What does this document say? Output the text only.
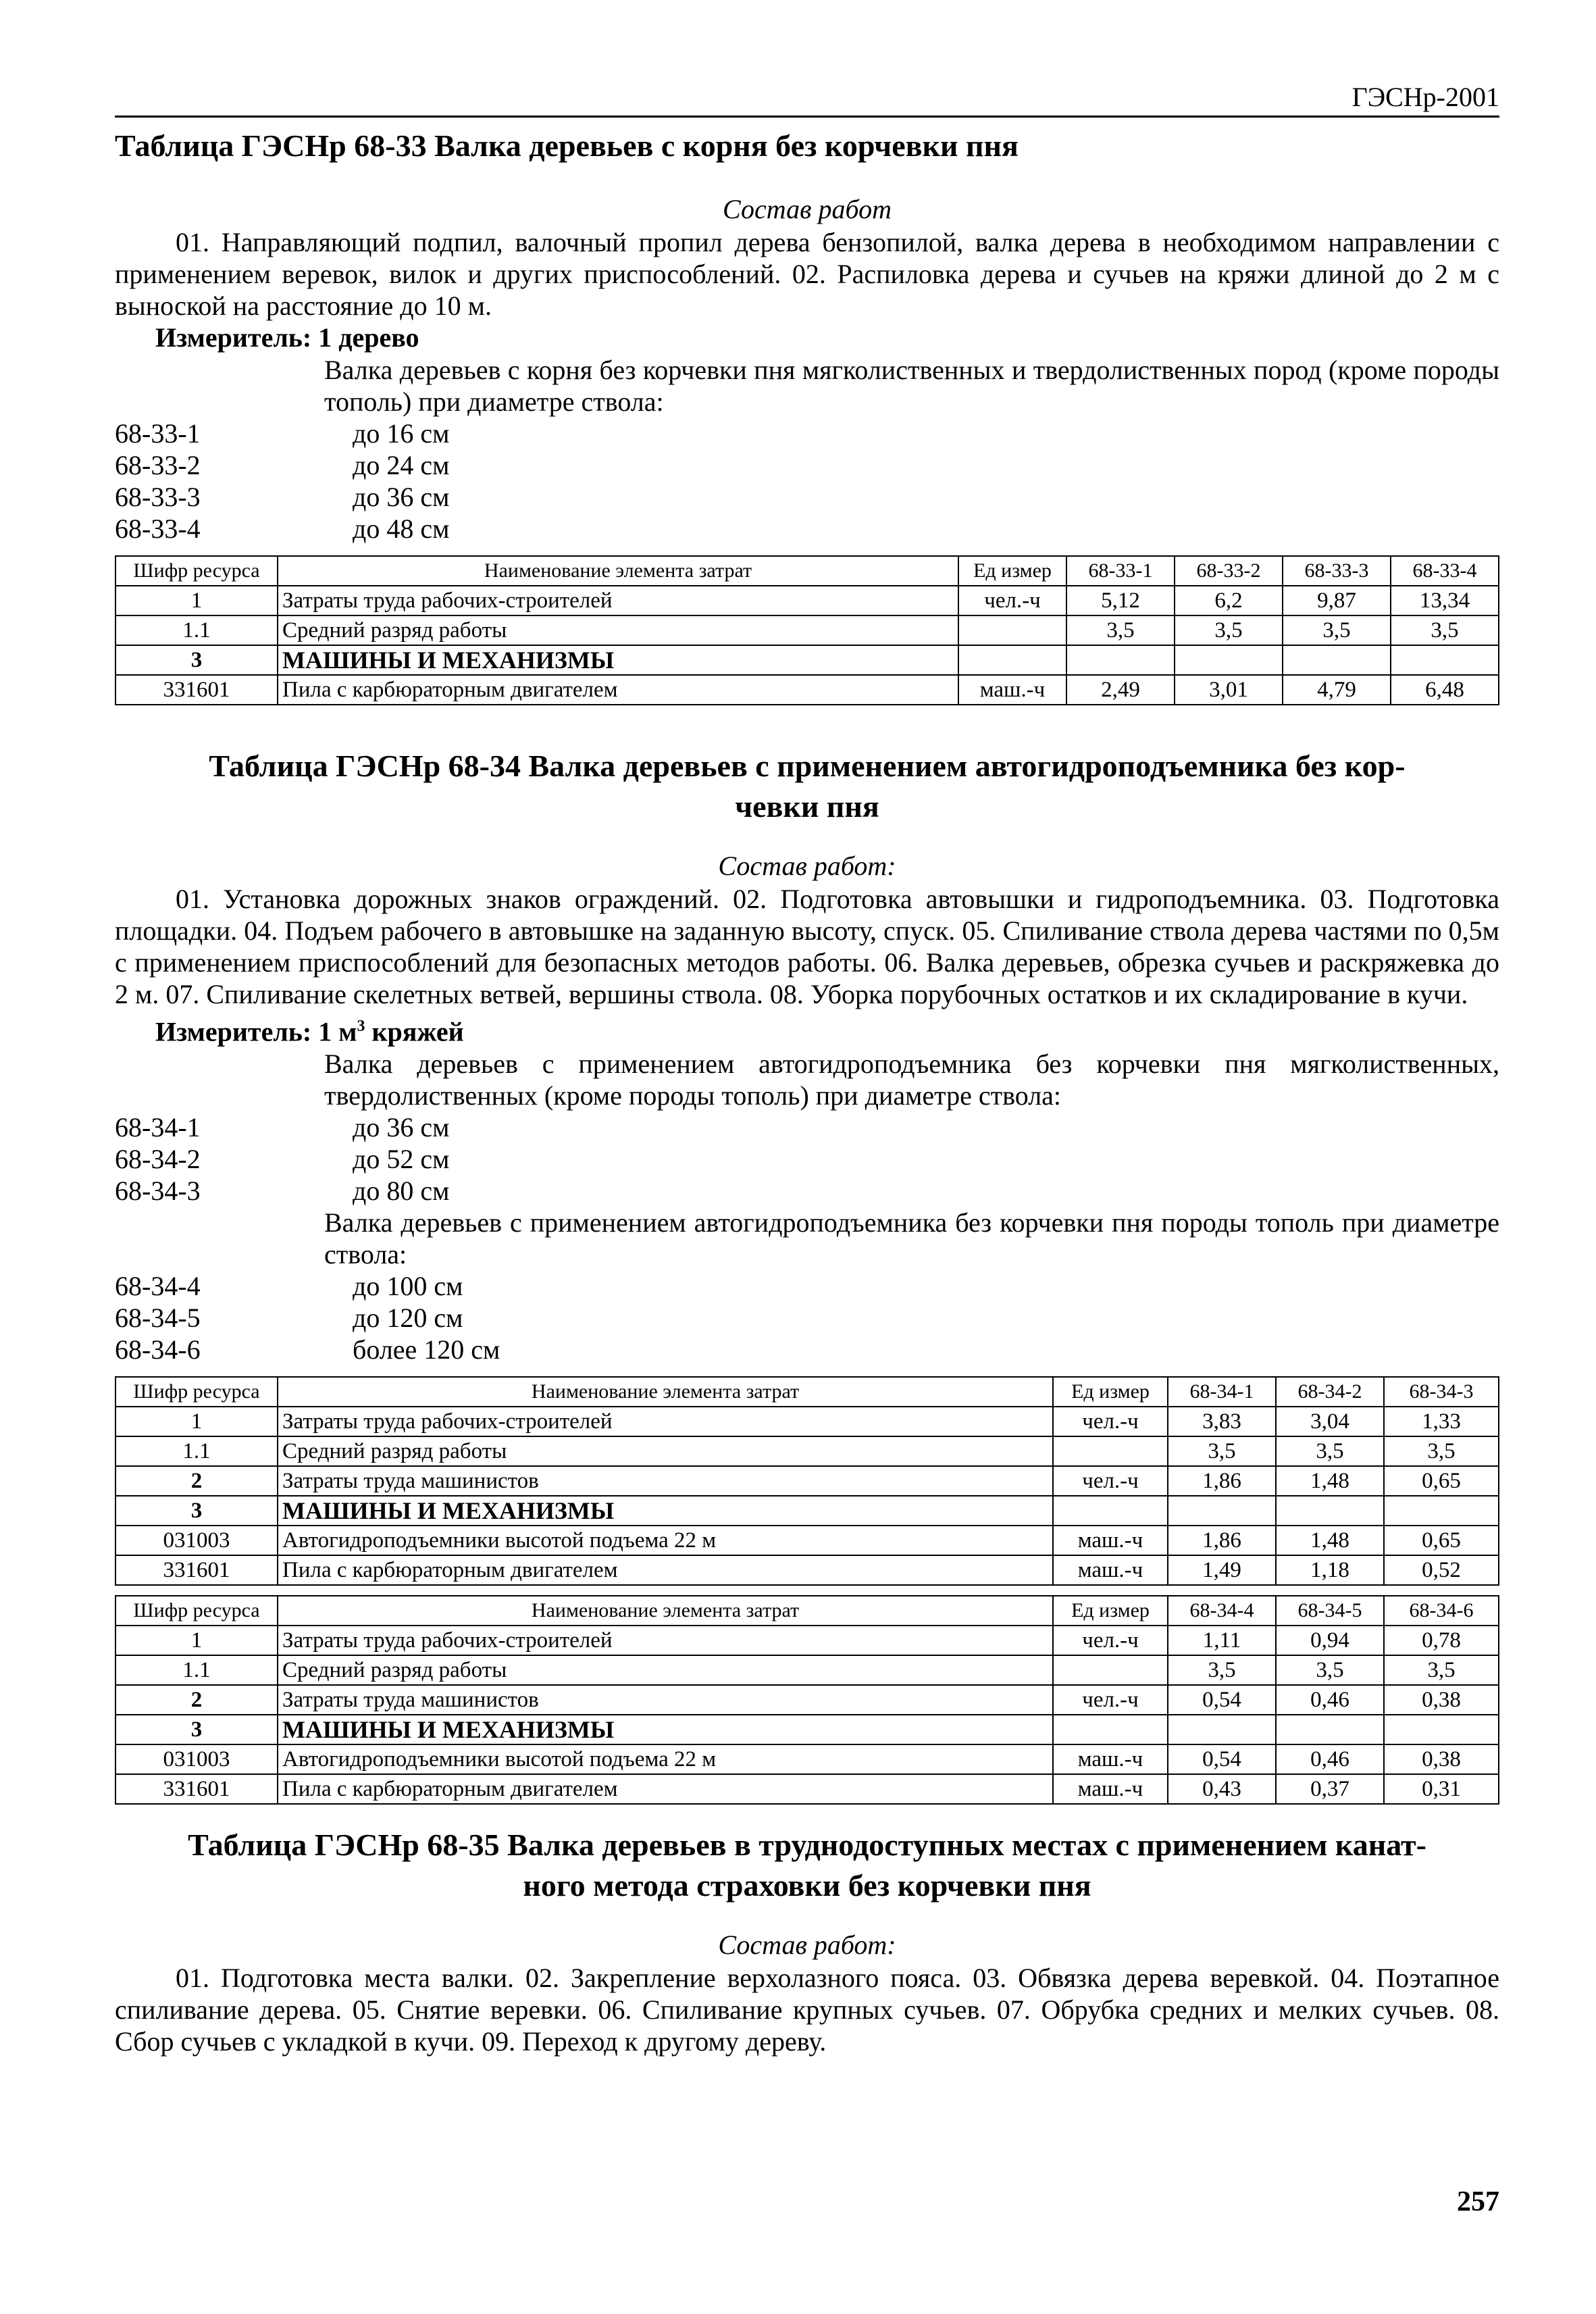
ГЭСНр-2001
Таблица ГЭСНр 68-33 Валка деревьев с корня без корчевки пня
Состав работ
01. Направляющий подпил, валочный пропил дерева бензопилой, валка дерева в необходимом направлении с применением веревок, вилок и других приспособлений. 02. Распиловка дерева и сучьев на кряжи длиной до 2 м с выноской на расстояние до 10 м.
Измеритель: 1 дерево
Валка деревьев с корня без корчевки пня мягколиственных и твердолиственных пород (кроме породы тополь) при диаметре ствола:
68-33-1	до 16 см
68-33-2	до 24 см
68-33-3	до 36 см
68-33-4	до 48 см
Шифр ресурса	Наименование элемента затрат	Ед измер	68-33-1	68-33-2	68-33-3	68-33-4
1	Затраты труда рабочих-строителей	чел.-ч	5,12	6,2	9,87	13,34
1.1	Средний разряд работы		3,5	3,5	3,5	3,5
3	МАШИНЫ И МЕХАНИЗМЫ					
331601	Пила с карбюраторным двигателем	маш.-ч	2,49	3,01	4,79	6,48
Таблица ГЭСНр 68-34 Валка деревьев с применением автогидроподъемника без кор-
чевки пня
Состав работ:
01. Установка дорожных знаков ограждений. 02. Подготовка автовышки и гидроподъемника. 03. Подготовка площадки. 04. Подъем рабочего в автовышке на заданную высоту, спуск. 05. Спиливание ствола дерева частями по 0,5м с применением приспособлений для безопасных методов работы. 06. Валка деревьев, обрезка сучьев и раскряжевка до 2 м. 07. Спиливание скелетных ветвей, вершины ствола. 08. Уборка порубочных остатков и их складирование в кучи.
Измеритель: 1 $м^3$ кряжей
Валка деревьев с применением автогидроподъемника без корчевки пня мягколиственных, твердолиственных (кроме породы тополь) при диаметре ствола:
68-34-1	до 36 см
68-34-2	до 52 см
68-34-3	до 80 см
Валка деревьев с применением автогидроподъемника без корчевки пня породы тополь при диаметре ствола:
68-34-4	до 100 см
68-34-5	до 120 см
68-34-6	более 120 см
Шифр ресурса	Наименование элемента затрат	Ед измер	68-34-1	68-34-2	68-34-3
1	Затраты труда рабочих-строителей	чел.-ч	3,83	3,04	1,33
1.1	Средний разряд работы		3,5	3,5	3,5
2	Затраты труда машинистов	чел.-ч	1,86	1,48	0,65
3	МАШИНЫ И МЕХАНИЗМЫ				
031003	Автогидроподъемники высотой подъема 22 м	маш.-ч	1,86	1,48	0,65
331601	Пила с карбюраторным двигателем	маш.-ч	1,49	1,18	0,52
Шифр ресурса	Наименование элемента затрат	Ед измер	68-34-4	68-34-5	68-34-6
1	Затраты труда рабочих-строителей	чел.-ч	1,11	0,94	0,78
1.1	Средний разряд работы		3,5	3,5	3,5
2	Затраты труда машинистов	чел.-ч	0,54	0,46	0,38
3	МАШИНЫ И МЕХАНИЗМЫ				
031003	Автогидроподъемники высотой подъема 22 м	маш.-ч	0,54	0,46	0,38
331601	Пила с карбюраторным двигателем	маш.-ч	0,43	0,37	0,31
Таблица ГЭСНр 68-35 Валка деревьев в труднодоступных местах с применением канат-
ного метода страховки без корчевки пня
Состав работ:
01. Подготовка места валки. 02. Закрепление верхолазного пояса. 03. Обвязка дерева веревкой. 04. Поэтапное спиливание дерева. 05. Снятие веревки. 06. Спиливание крупных сучьев. 07. Обрубка средних и мелких сучьев. 08. Сбор сучьев с укладкой в кучи. 09. Переход к другому дереву.
257
